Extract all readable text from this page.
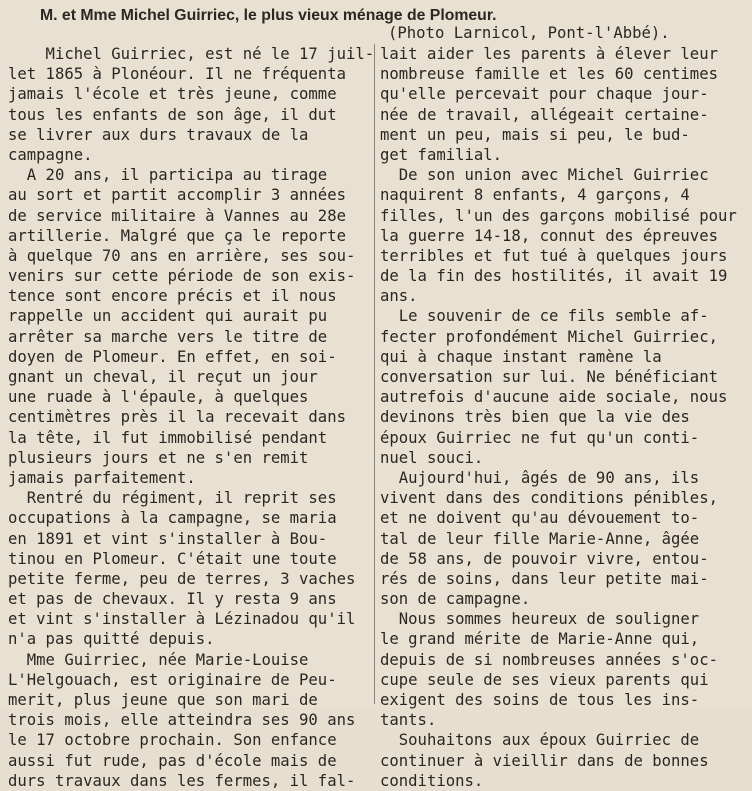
M. et Mme Michel Guirriec, le plus vieux ménage de Plomeur.
(Photo Larnicol, Pont-l'Abbé).
Michel Guirriec, est né le 17 juil-
let 1865 à Plonéour. Il ne fréquenta
jamais l'école et très jeune, comme
tous les enfants de son âge, il dut
se livrer aux durs travaux de la
campagne.
A 20 ans, il participa au tirage
au sort et partit accomplir 3 années
de service militaire à Vannes au 28e
artillerie. Malgré que ça le reporte
à quelque 70 ans en arrière, ses sou-
venirs sur cette période de son exis-
tence sont encore précis et il nous
rappelle un accident qui aurait pu
arrêter sa marche vers le titre de
doyen de Plomeur. En effet, en soi-
gnant un cheval, il reçut un jour
une ruade à l'épaule, à quelques
centimètres près il la recevait dans
la tête, il fut immobilisé pendant
plusieurs jours et ne s'en remit
jamais parfaitement.
Rentré du régiment, il reprit ses
occupations à la campagne, se maria
en 1891 et vint s'installer à Bou-
tinou en Plomeur. C'était une toute
petite ferme, peu de terres, 3 vaches
et pas de chevaux. Il y resta 9 ans
et vint s'installer à Lézinadou qu'il
n'a pas quitté depuis.
Mme Guirriec, née Marie-Louise
L'Helgouach, est originaire de Peu-
merit, plus jeune que son mari de
trois mois, elle atteindra ses 90 ans
le 17 octobre prochain. Son enfance
aussi fut rude, pas d'école mais de
durs travaux dans les fermes, il fal-
lait aider les parents à élever leur
nombreuse famille et les 60 centimes
qu'elle percevait pour chaque jour-
née de travail, allégeait certaine-
ment un peu, mais si peu, le bud-
get familial.
De son union avec Michel Guirriec
naquirent 8 enfants, 4 garçons, 4
filles, l'un des garçons mobilisé pour
la guerre 14-18, connut des épreuves
terribles et fut tué à quelques jours
de la fin des hostilités, il avait 19
ans.
Le souvenir de ce fils semble af-
fecter profondément Michel Guirriec,
qui à chaque instant ramène la
conversation sur lui. Ne bénéficiant
autrefois d'aucune aide sociale, nous
devinons très bien que la vie des
époux Guirriec ne fut qu'un conti-
nuel souci.
Aujourd'hui, âgés de 90 ans, ils
vivent dans des conditions pénibles,
et ne doivent qu'au dévouement to-
tal de leur fille Marie-Anne, âgée
de 58 ans, de pouvoir vivre, entou-
rés de soins, dans leur petite mai-
son de campagne.
Nous sommes heureux de souligner
le grand mérite de Marie-Anne qui,
depuis de si nombreuses années s'oc-
cupe seule de ses vieux parents qui
exigent des soins de tous les ins-
tants.
Souhaitons aux époux Guirriec de
continuer à vieillir dans de bonnes
conditions.
